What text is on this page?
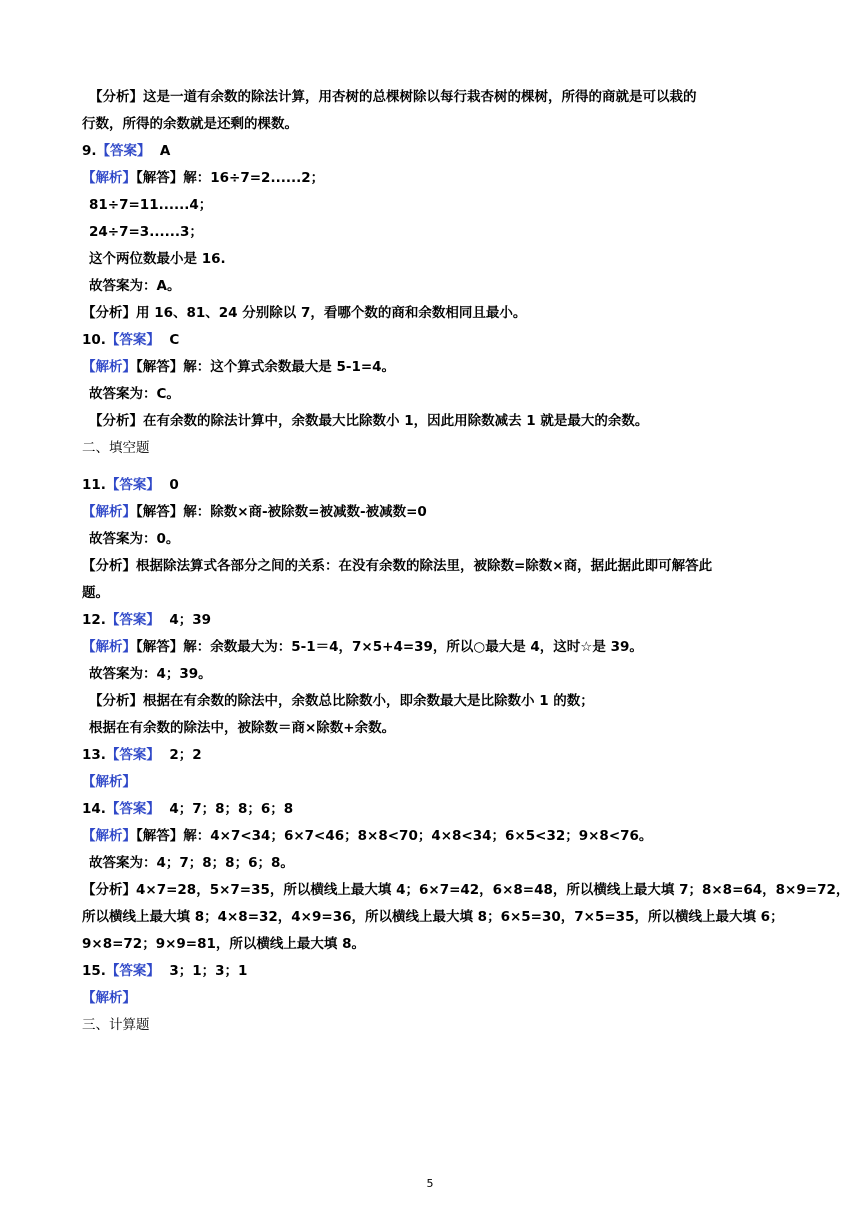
【分析】这是一道有余数的除法计算，用杏树的总棵树除以每行栽杏树的棵树，所得的商就是可以栽的
行数，所得的余数就是还剩的棵数。
9.【答案】  A
【解析】【解答】解：16÷7=2......2；
81÷7=11......4；
24÷7=3......3；
这个两位数最小是 16.
故答案为：A。
【分析】用 16、81、24 分别除以 7，看哪个数的商和余数相同且最小。
10.【答案】  C
【解析】【解答】解：这个算式余数最大是 5-1=4。
故答案为：C。
【分析】在有余数的除法计算中，余数最大比除数小 1，因此用除数减去 1 就是最大的余数。
二、填空题
11.【答案】  0
【解析】【解答】解：除数×商-被除数=被减数-被减数=0
故答案为：0。
【分析】根据除法算式各部分之间的关系：在没有余数的除法里，被除数=除数×商，据此据此即可解答此
题。
12.【答案】  4；39
【解析】【解答】解：余数最大为：5-1＝4，7×5+4=39，所以○最大是 4，这时☆是 39。
故答案为：4；39。
【分析】根据在有余数的除法中，余数总比除数小，即余数最大是比除数小 1 的数；
根据在有余数的除法中，被除数＝商×除数+余数。
13.【答案】  2；2
【解析】
14.【答案】  4；7；8；8；6；8
【解析】【解答】解：4×7<34；6×7<46；8×8<70；4×8<34；6×5<32；9×8<76。
故答案为：4；7；8；8；6；8。
【分析】4×7=28，5×7=35，所以横线上最大填 4；6×7=42，6×8=48，所以横线上最大填 7；8×8=64，8×9=72，
所以横线上最大填 8；4×8=32，4×9=36，所以横线上最大填 8；6×5=30，7×5=35，所以横线上最大填 6；
9×8=72；9×9=81，所以横线上最大填 8。
15.【答案】  3；1；3；1
【解析】
三、计算题
5
